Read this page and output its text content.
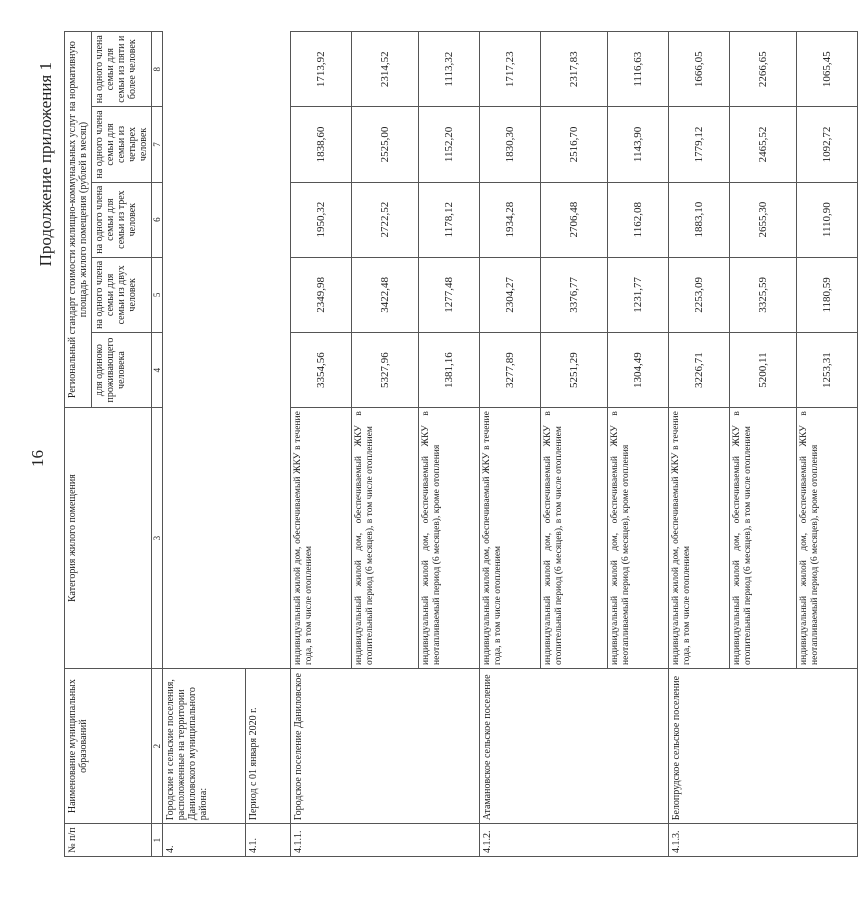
16
Продолжение приложения 1
№ п/п	Наименование муниципальных образований	Категория жилого помещения	Региональный стандарт стоимости жилищно-коммунальных услуг на нормативную площадь жилого помещения (рублей в месяц)				
			для одиноко проживающего человека	на одного члена семьи для семьи из двух человек	на одного члена семьи для семьи из трех человек	на одного члена семьи для семьи из четырех человек	на одного члена семьи для семьи из пяти и более человек
1	2	3	4	5	6	7	8
4.	Городские и сельские поселения, расположенные на территории Даниловского муниципального района:						
4.1.	Период с 01 января 2020 г.						
4.1.1.	Городское поселение Даниловское	индивидуальный жилой дом, обеспечиваемый ЖКУ в течение года, в том числе отоплением	3354,56	2349,98	1950,32	1838,60	1713,92
		индивидуальный жилой дом, обеспечиваемый ЖКУ в отопительный период (6 месяцев), в том числе отоплением	5327,96	3422,48	2722,52	2525,00	2314,52
		индивидуальный жилой дом, обеспечиваемый ЖКУ в неотапливаемый период (6 месяцев), кроме отопления	1381,16	1277,48	1178,12	1152,20	1113,32
4.1.2.	Атамановское сельское поселение	индивидуальный жилой дом, обеспечиваемый ЖКУ в течение года, в том числе отоплением	3277,89	2304,27	1934,28	1830,30	1717,23
		индивидуальный жилой дом, обеспечиваемый ЖКУ в отопительный период (6 месяцев), в том числе отоплением	5251,29	3376,77	2706,48	2516,70	2317,83
		индивидуальный жилой дом, обеспечиваемый ЖКУ в неотапливаемый период (6 месяцев), кроме отопления	1304,49	1231,77	1162,08	1143,90	1116,63
4.1.3.	Белопрудское сельское поселение	индивидуальный жилой дом, обеспечиваемый ЖКУ в течение года, в том числе отоплением	3226,71	2253,09	1883,10	1779,12	1666,05
		индивидуальный жилой дом, обеспечиваемый ЖКУ в отопительный период (6 месяцев), в том числе отоплением	5200,11	3325,59	2655,30	2465,52	2266,65
		индивидуальный жилой дом, обеспечиваемый ЖКУ в неотапливаемый период (6 месяцев), кроме отопления	1253,31	1180,59	1110,90	1092,72	1065,45
